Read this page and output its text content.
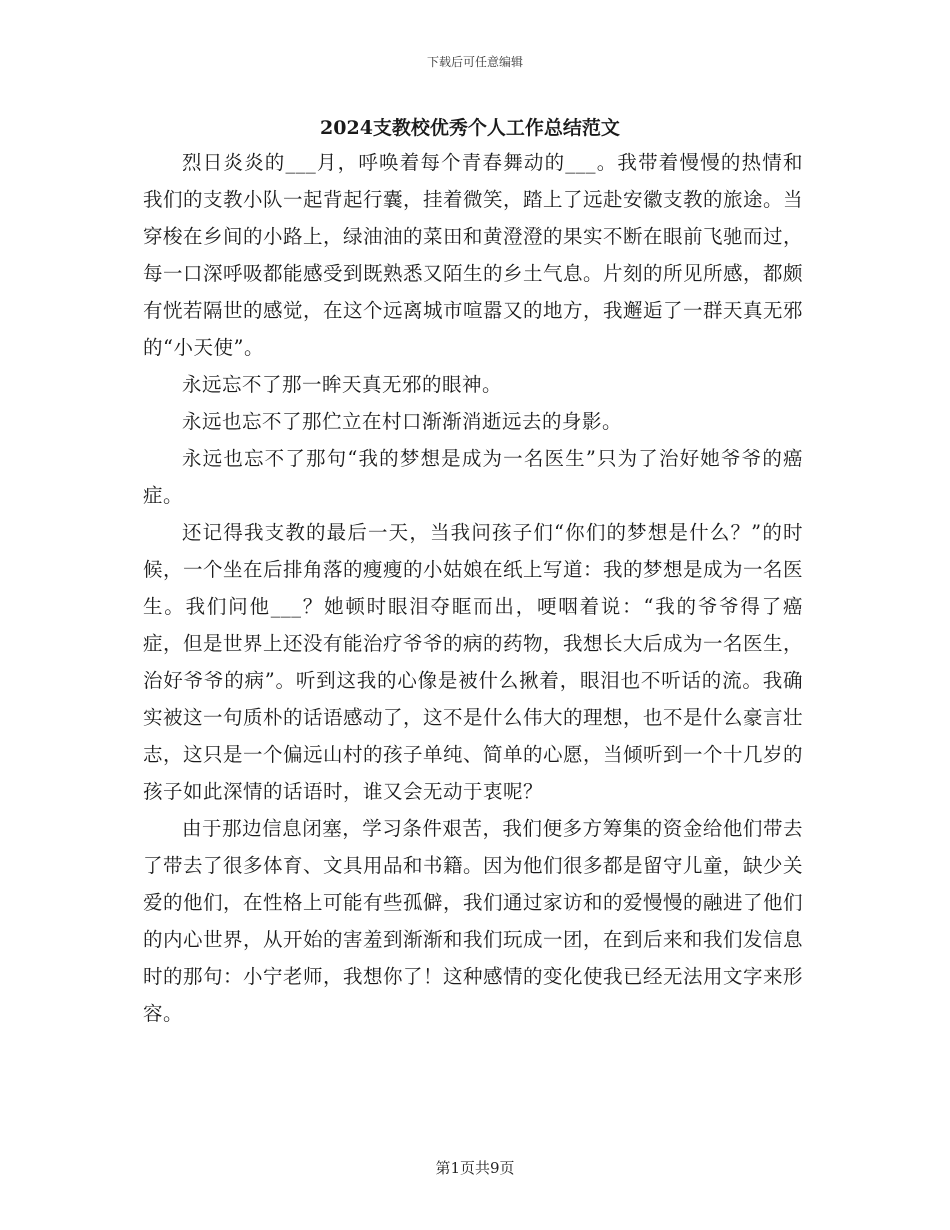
下载后可任意编辑
2024支教校优秀个人工作总结范文

烈日炎炎的___月，呼唤着每个青春舞动的___。我带着慢慢的热情和我们的支教小队一起背起行囊，挂着微笑，踏上了远赴安徽支教的旅途。当穿梭在乡间的小路上，绿油油的菜田和黄澄澄的果实不断在眼前飞驰而过，每一口深呼吸都能感受到既熟悉又陌生的乡土气息。片刻的所见所感，都颇有恍若隔世的感觉，在这个远离城市喧嚣又的地方，我邂逅了一群天真无邪的“小天使”。

永远忘不了那一眸天真无邪的眼神。

永远也忘不了那伫立在村口渐渐消逝远去的身影。

永远也忘不了那句“我的梦想是成为一名医生”只为了治好她爷爷的癌症。

还记得我支教的最后一天，当我问孩子们“你们的梦想是什么？”的时候，一个坐在后排角落的瘦瘦的小姑娘在纸上写道：我的梦想是成为一名医生。我们问他___？她顿时眼泪夺眶而出，哽咽着说：“我的爷爷得了癌症，但是世界上还没有能治疗爷爷的病的药物，我想长大后成为一名医生，治好爷爷的病”。听到这我的心像是被什么揪着，眼泪也不听话的流。我确实被这一句质朴的话语感动了，这不是什么伟大的理想，也不是什么豪言壮志，这只是一个偏远山村的孩子单纯、简单的心愿，当倾听到一个十几岁的孩子如此深情的话语时，谁又会无动于衷呢？

由于那边信息闭塞，学习条件艰苦，我们便多方筹集的资金给他们带去了带去了很多体育、文具用品和书籍。因为他们很多都是留守儿童，缺少关爱的他们，在性格上可能有些孤僻，我们通过家访和的爱慢慢的融进了他们的内心世界，从开始的害羞到渐渐和我们玩成一团，在到后来和我们发信息时的那句：小宁老师，我想你了！这种感情的变化使我已经无法用文字来形容。

第1页共9页
